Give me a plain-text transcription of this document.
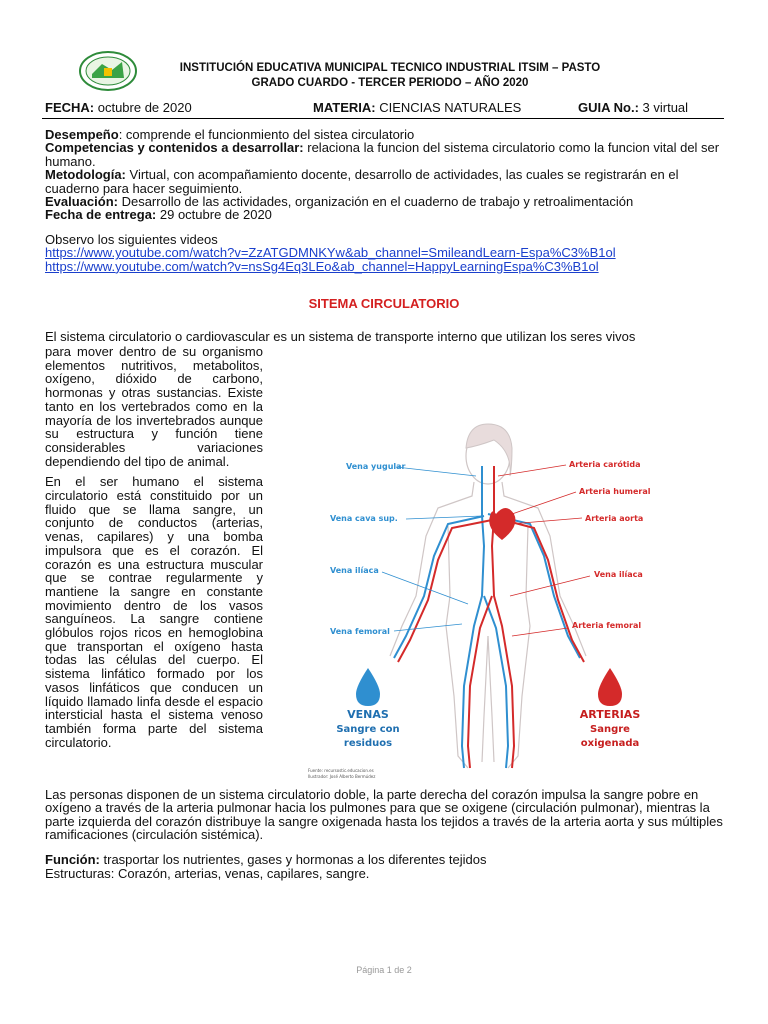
INSTITUCIÓN EDUCATIVA MUNICIPAL TECNICO INDUSTRIAL ITSIM – PASTO
GRADO CUARDO - TERCER PERIODO – AÑO 2020
FECHA: octubre de 2020	MATERIA: CIENCIAS NATURALES	GUIA No.: 3 virtual
Desempeño: comprende el funcionmiento del sistea circulatorio
Competencias y contenidos a desarrollar: relaciona la funcion del sistema circulatorio como la funcion vital del ser humano.
Metodología: Virtual, con acompañamiento docente, desarrollo de actividades, las cuales se registrarán en el cuaderno para hacer seguimiento.
Evaluación: Desarrollo de las actividades, organización en el cuaderno de trabajo y retroalimentación
Fecha de entrega: 29 octubre de 2020
Observo los siguientes videos
https://www.youtube.com/watch?v=ZzATGDMNKYw&ab_channel=SmileandLearn-Espa%C3%B1ol
https://www.youtube.com/watch?v=nsSg4Eq3LEo&ab_channel=HappyLearningEspa%C3%B1ol
SITEMA CIRCULATORIO
El sistema circulatorio o cardiovascular es un sistema de transporte interno que utilizan los seres vivos

para mover dentro de su organismo elementos nutritivos, metabolitos, oxígeno, dióxido de carbono, hormonas y otras sustancias. Existe tanto en los vertebrados como en la mayoría de los invertebrados aunque su estructura y función tiene considerables variaciones dependiendo del tipo de animal.

En el ser humano el sistema circulatorio está constituido por un fluido que se llama sangre, un conjunto de conductos (arterias, venas, capilares) y una bomba impulsora que es el corazón. El corazón es una estructura muscular que se contrae regularmente y mantiene la sangre en constante movimiento dentro de los vasos sanguíneos. La sangre contiene glóbulos rojos ricos en hemoglobina que transportan el oxígeno hasta todas las células del cuerpo. El sistema linfático formado por los vasos linfáticos que conducen un líquido llamado linfa desde el espacio intersticial hasta el sistema venoso también forma parte del sistema circulatorio.

Vena yugular
Vena cava sup.
Vena ilíaca
Vena femoral
Arteria carótida
Arteria humeral
Arteria aorta
Vena ilíaca
Arteria femoral
VENAS
Sangre con
residuos
ARTERIAS
Sangre
oxigenada
Fuente: recursostic.educacion.es
Ilustrador: José Alberto Bermúdez
Las personas disponen de un sistema circulatorio doble, la parte derecha del corazón impulsa la sangre pobre en oxígeno a través de la arteria pulmonar hacia los pulmones para que se oxigene (circulación pulmonar), mientras la parte izquierda del corazón distribuye la sangre oxigenada hasta los tejidos a través de la arteria aorta y sus múltiples ramificaciones (circulación sistémica).
Función: trasportar los nutrientes, gases y hormonas a los diferentes tejidos
Estructuras: Corazón, arterias, venas, capilares, sangre.
Página 1 de 2
